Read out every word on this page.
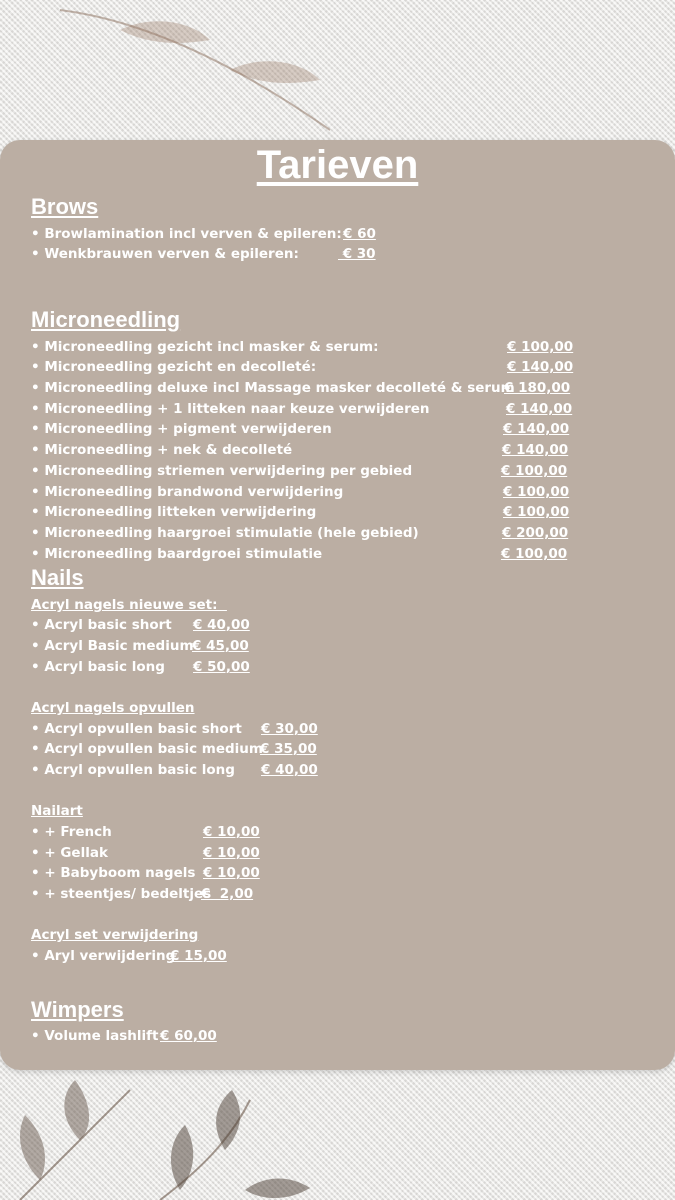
Tarieven
Brows
• Browlamination incl verven & epileren: € 60
• Wenkbrauwen verven & epileren:	€ 30
Microneedling
• Microneedling gezicht incl masker & serum:	€ 100,00
• Microneedling gezicht en decolleté:	€ 140,00
• Microneedling deluxe incl Massage masker decolleté & serum
€ 180,00
• Microneedling + 1 litteken naar keuze verwijderen	€ 140,00
• Microneedling + pigment verwijderen	€ 140,00
• Microneedling + nek & decolleté	€ 140,00
• Microneedling striemen verwijdering per gebied	€ 100,00
• Microneedling brandwond verwijdering	€ 100,00
• Microneedling litteken verwijdering	€ 100,00
• Microneedling haargroei stimulatie (hele gebied)	€ 200,00
• Microneedling baardgroei stimulatie	€ 100,00
Nails
Acryl nagels nieuwe set:
• Acryl basic short € 40,00
• Acryl Basic medium
€ 45,00
• Acryl basic long € 50,00
Acryl nagels opvullen
• Acryl opvullen basic short € 30,00
• Acryl opvullen basic medium
€ 35,00
• Acryl opvullen basic long € 40,00
Nailart
• + French	€ 10,00
• + Gellak	€ 10,00
• + Babyboom nagels € 10,00
• + steentjes/ bedeltjes
€  2,00
Acryl set verwijdering
• Aryl verwijdering
€ 15,00
Wimpers
• Volume lashlift € 60,00
